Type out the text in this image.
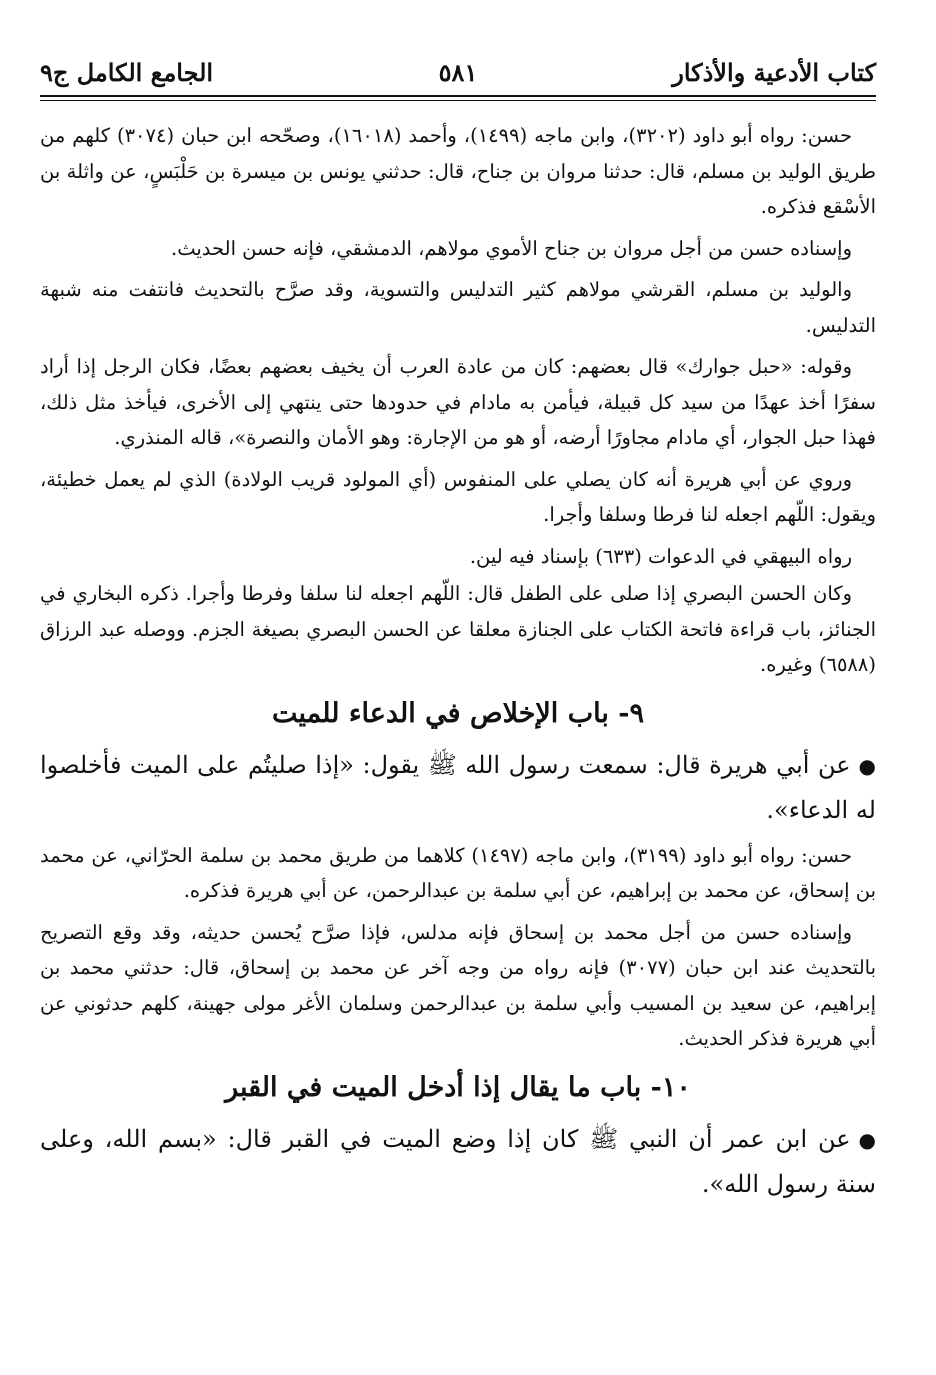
كتاب الأدعية والأذكار
٥٨١
الجامع الكامل ج٩

حسن: رواه أبو داود (٣٢٠٢)، وابن ماجه (١٤٩٩)، وأحمد (١٦٠١٨)، وصحّحه ابن حبان (٣٠٧٤) كلهم من طريق الوليد بن مسلم، قال: حدثنا مروان بن جناح، قال: حدثني يونس بن ميسرة بن حَلْبَسٍ، عن واثلة بن الأسْقع فذكره.

وإسناده حسن من أجل مروان بن جناح الأموي مولاهم، الدمشقي، فإنه حسن الحديث.

والوليد بن مسلم، القرشي مولاهم كثير التدليس والتسوية، وقد صرَّح بالتحديث فانتفت منه شبهة التدليس.

وقوله: «حبل جوارك» قال بعضهم: كان من عادة العرب أن يخيف بعضهم بعضًا، فكان الرجل إذا أراد سفرًا أخذ عهدًا من سيد كل قبيلة، فيأمن به مادام في حدودها حتى ينتهي إلى الأخرى، فيأخذ مثل ذلك، فهذا حبل الجوار، أي مادام مجاورًا أرضه، أو هو من الإجارة: وهو الأمان والنصرة»، قاله المنذري.

وروي عن أبي هريرة أنه كان يصلي على المنفوس (أي المولود قريب الولادة) الذي لم يعمل خطيئة، ويقول: اللّهم اجعله لنا فرطا وسلفا وأجرا.

رواه البيهقي في الدعوات (٦٣٣) بإسناد فيه لين.

وكان الحسن البصري إذا صلى على الطفل قال: اللّهم اجعله لنا سلفا وفرطا وأجرا. ذكره البخاري في الجنائز، باب قراءة فاتحة الكتاب على الجنازة معلقا عن الحسن البصري بصيغة الجزم. ووصله عبد الرزاق (٦٥٨٨) وغيره.

٩- باب الإخلاص في الدعاء للميت

●عن أبي هريرة قال: سمعت رسول الله ﷺ يقول: «إذا صليتُم على الميت فأخلصوا له الدعاء».

حسن: رواه أبو داود (٣١٩٩)، وابن ماجه (١٤٩٧) كلاهما من طريق محمد بن سلمة الحرّاني، عن محمد بن إسحاق، عن محمد بن إبراهيم، عن أبي سلمة بن عبدالرحمن، عن أبي هريرة فذكره.

وإسناده حسن من أجل محمد بن إسحاق فإنه مدلس، فإذا صرَّح يُحسن حديثه، وقد وقع التصريح بالتحديث عند ابن حبان (٣٠٧٧) فإنه رواه من وجه آخر عن محمد بن إسحاق، قال: حدثني محمد بن إبراهيم، عن سعيد بن المسيب وأبي سلمة بن عبدالرحمن وسلمان الأغر مولى جهينة، كلهم حدثوني عن أبي هريرة فذكر الحديث.

١٠- باب ما يقال إذا أدخل الميت في القبر

●عن ابن عمر أن النبي ﷺ كان إذا وضع الميت في القبر قال: «بسم الله، وعلى سنة رسول الله».
